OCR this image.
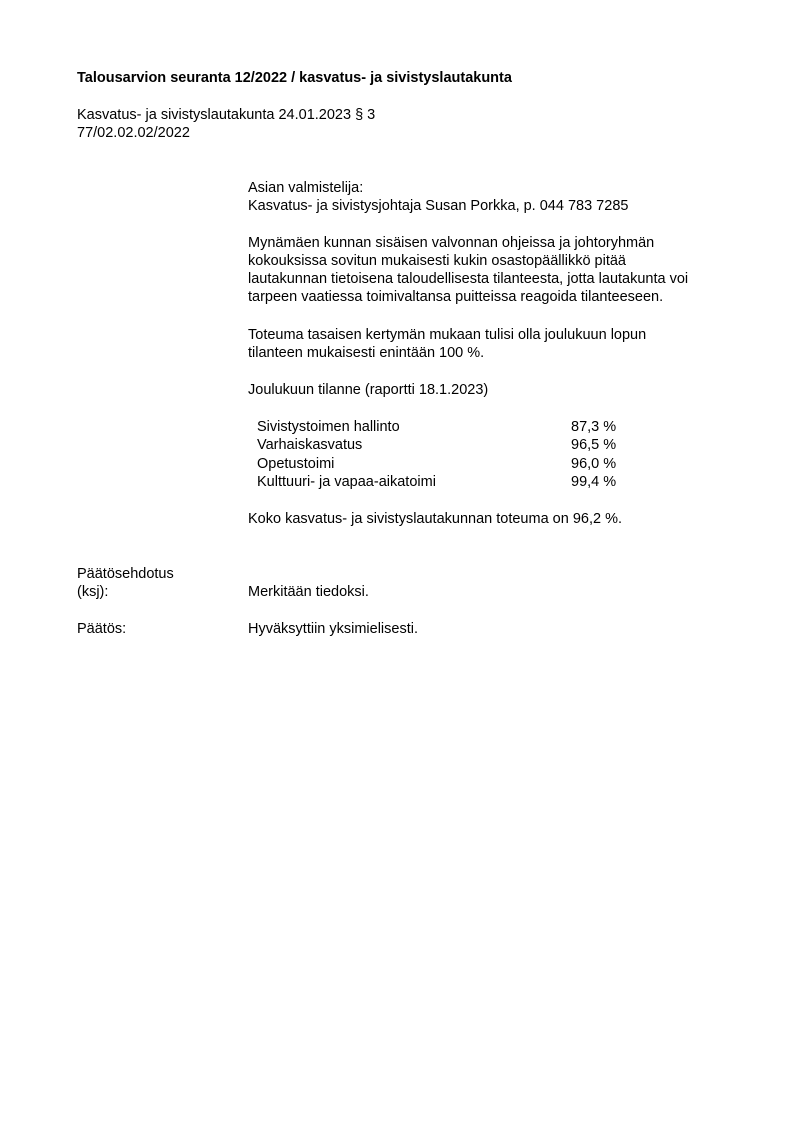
Talousarvion seuranta 12/2022 / kasvatus- ja sivistyslautakunta
Kasvatus- ja sivistyslautakunta 24.01.2023 § 3
77/02.02.02/2022
Asian valmistelija:
Kasvatus- ja sivistysjohtaja Susan Porkka, p. 044 783 7285
Mynämäen kunnan sisäisen valvonnan ohjeissa ja johtoryhmän
kokouksissa sovitun mukaisesti kukin osastopäällikkö pitää
lautakunnan tietoisena taloudellisesta tilanteesta, jotta lautakunta voi
tarpeen vaatiessa toimivaltansa puitteissa reagoida tilanteeseen.
Toteuma tasaisen kertymän mukaan tulisi olla joulukuun lopun
tilanteen mukaisesti enintään 100 %.
Joulukuun tilanne (raportti 18.1.2023)
Sivistystoimen hallinto	87,3 %
Varhaiskasvatus	96,5 %
Opetustoimi	96,0 %
Kulttuuri- ja vapaa-aikatoimi	99,4 %
Koko kasvatus- ja sivistyslautakunnan toteuma on 96,2 %.
Päätösehdotus
(ksj):	Merkitään tiedoksi.
Päätös:	Hyväksyttiin yksimielisesti.
